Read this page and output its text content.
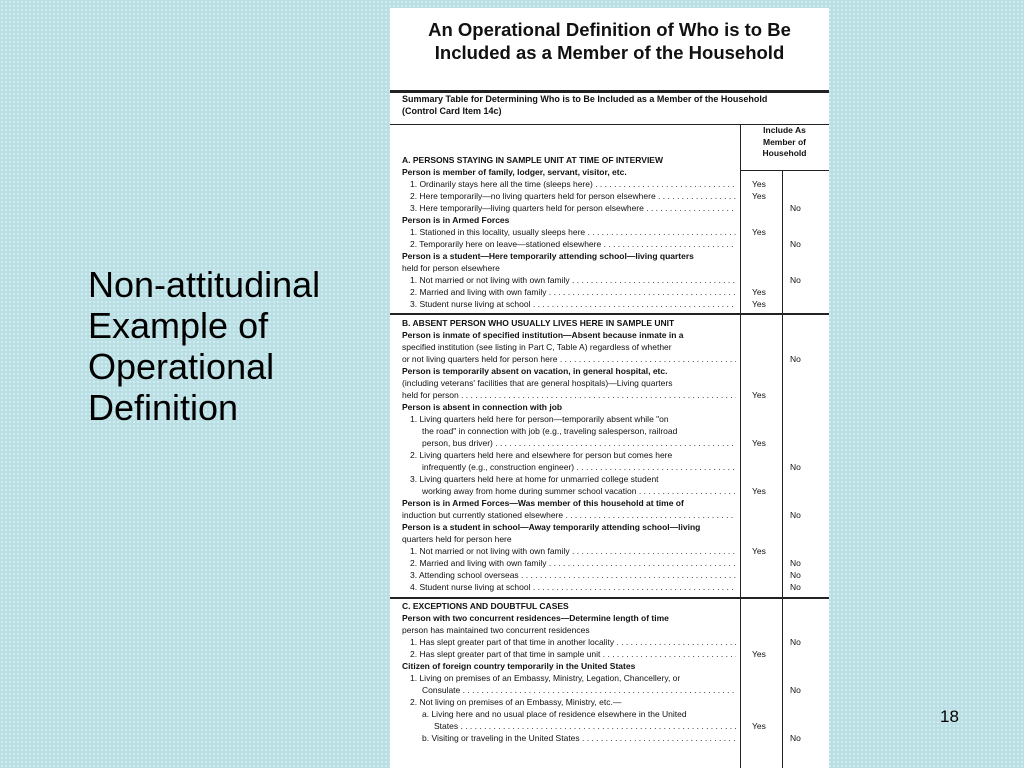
Non-attitudinal
Example of
Operational
Definition
18
An Operational Definition of Who is to Be
Included as a Member of the Household
Summary Table for Determining Who is to Be Included as a Member of the Household
(Control Card Item 14c)
Include As
Member of
Household
A. PERSONS STAYING IN SAMPLE UNIT AT TIME OF INTERVIEW
Person is member of family, lodger, servant, visitor, etc.
1. Ordinarily stays here all the time (sleeps here) . . .	Yes
2. Here temporarily—no living quarters held for person elsewhere . . .	Yes
3. Here temporarily—living quarters held for person elsewhere . . .	No
Person is in Armed Forces
1. Stationed in this locality, usually sleeps here . . .	Yes
2. Temporarily here on leave—stationed elsewhere . . .	No
Person is a student—Here temporarily attending school—living quarters
held for person elsewhere
1. Not married or not living with own family . . .	No
2. Married and living with own family . . .	Yes
3. Student nurse living at school . . .	Yes
B. ABSENT PERSON WHO USUALLY LIVES HERE IN SAMPLE UNIT
Person is inmate of specified institution—Absent because inmate in a
specified institution (see listing in Part C, Table A) regardless of whether
or not living quarters held for person here . . .	No
Person is temporarily absent on vacation, in general hospital, etc.
(including veterans' facilities that are general hospitals)—Living quarters
held for person . . .	Yes
Person is absent in connection with job
1. Living quarters held here for person—temporarily absent while "on
the road" in connection with job (e.g., traveling salesperson, railroad
person, bus driver) . . .	Yes
2. Living quarters held here and elsewhere for person but comes here
infrequently (e.g., construction engineer) . . .	No
3. Living quarters held here at home for unmarried college student
working away from home during summer school vacation . . .	Yes
Person is in Armed Forces—Was member of this household at time of
induction but currently stationed elsewhere . . .	No
Person is a student in school—Away temporarily attending school—living
quarters held for person here
1. Not married or not living with own family . . .	Yes
2. Married and living with own family . . .	No
3. Attending school overseas . . .	No
4. Student nurse living at school . . .	No
C. EXCEPTIONS AND DOUBTFUL CASES
Person with two concurrent residences—Determine length of time
person has maintained two concurrent residences
1. Has slept greater part of that time in another locality . . .	No
2. Has slept greater part of that time in sample unit . . .	Yes
Citizen of foreign country temporarily in the United States
1. Living on premises of an Embassy, Ministry, Legation, Chancellery, or
Consulate . . .	No
2. Not living on premises of an Embassy, Ministry, etc.—
a. Living here and no usual place of residence elsewhere in the United
States . . .	Yes
b. Visiting or traveling in the United States . . .	No
